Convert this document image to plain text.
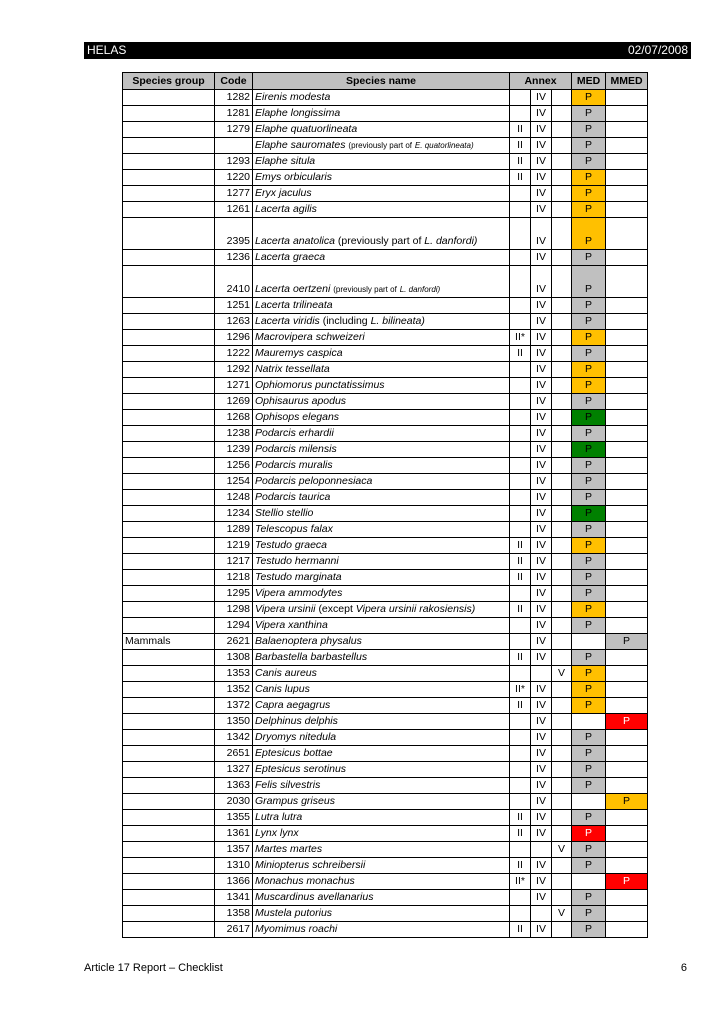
HELAS	02/07/2008
Species group	Code	Species name	Annex			MED	MMED
	1282	Eirenis modesta		IV		P	
	1281	Elaphe longissima		IV		P	
	1279	Elaphe quatuorlineata	II	IV		P	
		Elaphe sauromates (previously part of E. quatorlineata)	II	IV		P	
	1293	Elaphe situla	II	IV		P	
	1220	Emys orbicularis	II	IV		P	
	1277	Eryx jaculus		IV		P	
	1261	Lacerta agilis		IV		P	
	2395	Lacerta anatolica (previously part of L. danfordi)		IV		P	
	1236	Lacerta graeca		IV		P	
	2410	Lacerta oertzeni (previously part of L. danfordi)		IV		P	
	1251	Lacerta trilineata		IV		P	
	1263	Lacerta viridis (including L. bilineata)		IV		P	
	1296	Macrovipera schweizeri	II*	IV		P	
	1222	Mauremys caspica	II	IV		P	
	1292	Natrix tessellata		IV		P	
	1271	Ophiomorus punctatissimus		IV		P	
	1269	Ophisaurus apodus		IV		P	
	1268	Ophisops elegans		IV		P	
	1238	Podarcis erhardii		IV		P	
	1239	Podarcis milensis		IV		P	
	1256	Podarcis muralis		IV		P	
	1254	Podarcis peloponnesiaca		IV		P	
	1248	Podarcis taurica		IV		P	
	1234	Stellio stellio		IV		P	
	1289	Telescopus falax		IV		P	
	1219	Testudo graeca	II	IV		P	
	1217	Testudo hermanni	II	IV		P	
	1218	Testudo marginata	II	IV		P	
	1295	Vipera ammodytes		IV		P	
	1298	Vipera ursinii (except Vipera ursinii rakosiensis)	II	IV		P	
	1294	Vipera xanthina		IV		P	
Mammals	2621	Balaenoptera physalus		IV			P
	1308	Barbastella barbastellus	II	IV		P	
	1353	Canis aureus			V	P	
	1352	Canis lupus	II*	IV		P	
	1372	Capra aegagrus	II	IV		P	
	1350	Delphinus delphis		IV			P
	1342	Dryomys nitedula		IV		P	
	2651	Eptesicus bottae		IV		P	
	1327	Eptesicus serotinus		IV		P	
	1363	Felis silvestris		IV		P	
	2030	Grampus griseus		IV			P
	1355	Lutra lutra	II	IV		P	
	1361	Lynx lynx	II	IV		P	
	1357	Martes martes			V	P	
	1310	Miniopterus schreibersii	II	IV		P	
	1366	Monachus monachus	II*	IV			P
	1341	Muscardinus avellanarius		IV		P	
	1358	Mustela putorius			V	P	
	2617	Myomimus roachi	II	IV		P	
Article 17 Report – Checklist	6
